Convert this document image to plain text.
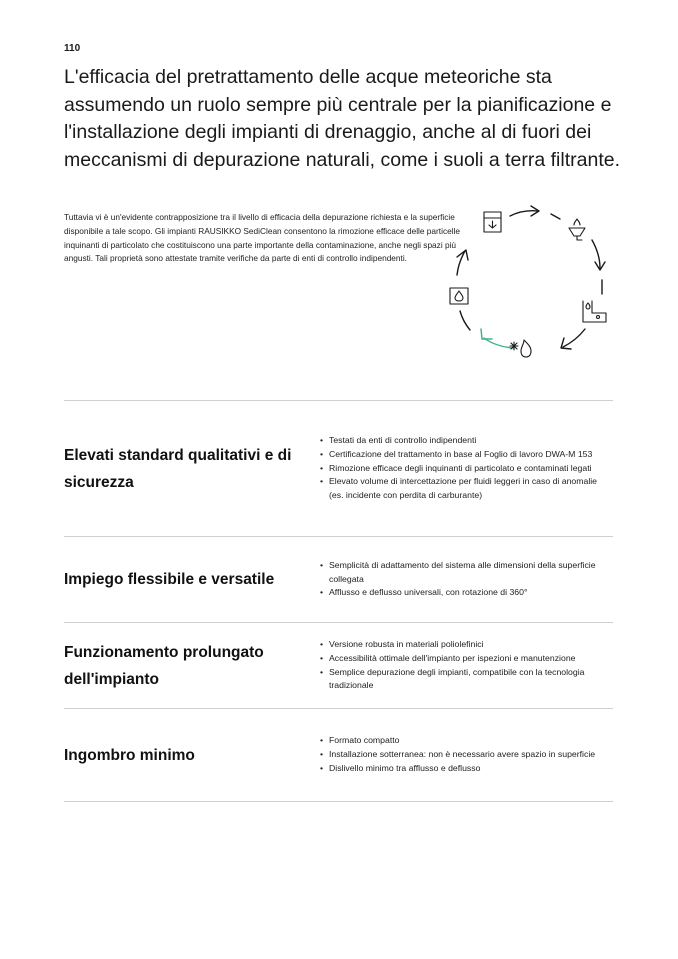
110
L'efficacia del pretrattamento delle acque meteoriche sta assumendo un ruolo sempre più centrale per la pianificazione e l'installazione degli impianti di drenaggio, anche al di fuori dei meccanismi di depurazione naturali, come i suoli a terra filtrante.

Tuttavia vi è un'evidente contrapposizione tra il livello di efficacia della depurazione richiesta e la superficie disponibile a tale scopo. Gli impianti RAUSIKKO SediClean consentono la rimozione efficace delle particelle inquinanti di particolato che costituiscono una parte importante della contaminazione, anche negli spazi più angusti. Tali proprietà sono attestate tramite verifiche da parte di enti di controllo indipendenti.

Elevati standard qualitativi e di sicurezza
• Testati da enti di controllo indipendenti
• Certificazione del trattamento in base al Foglio di lavoro DWA-M 153
• Rimozione efficace degli inquinanti di particolato e contaminati legati
• Elevato volume di intercettazione per fluidi leggeri in caso di anomalie (es. incidente con perdita di carburante)
Impiego flessibile e versatile
• Semplicità di adattamento del sistema alle dimensioni della superficie collegata
• Afflusso e deflusso universali, con rotazione di 360°
Funzionamento prolungato dell'impianto
• Versione robusta in materiali poliolefinici
• Accessibilità ottimale dell'impianto per ispezioni e manutenzione
• Semplice depurazione degli impianti, compatibile con la tecnologia tradizionale
Ingombro minimo
• Formato compatto
• Installazione sotterranea: non è necessario avere spazio in superficie
• Dislivello minimo tra afflusso e deflusso
